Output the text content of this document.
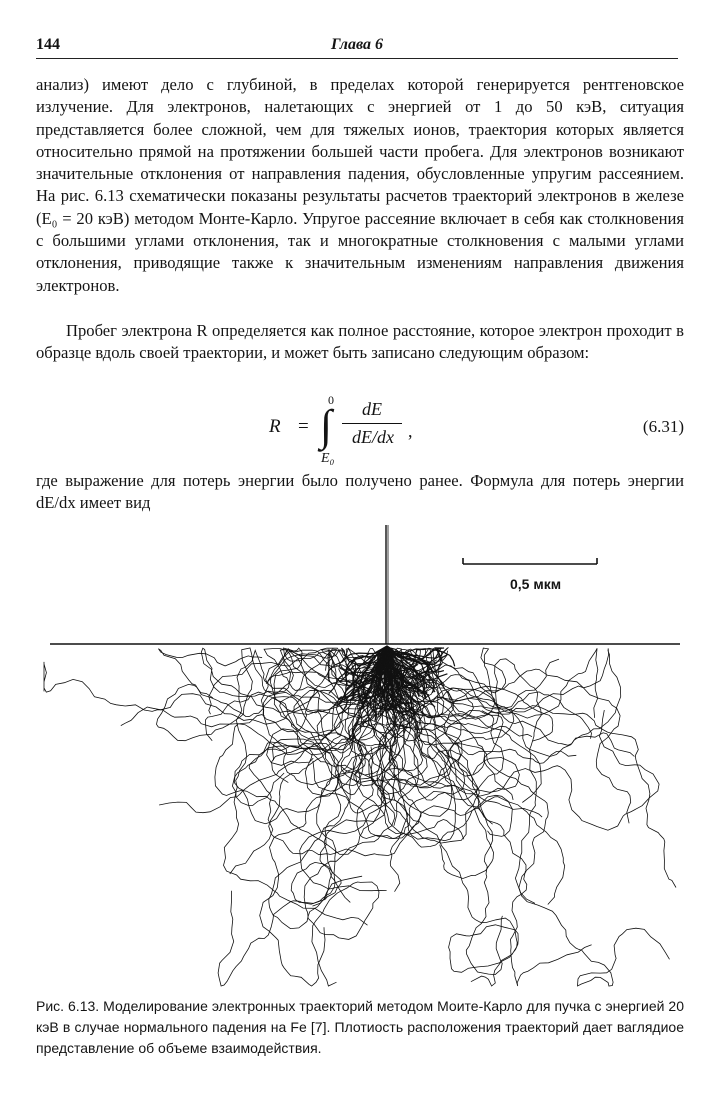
144	Глава 6
анализ) имеют дело с глубиной, в пределах которой генерируется рентгеновское излучение. Для электронов, налетающих с энергией от 1 до 50 кэВ, ситуация представляется более сложной, чем для тяжелых ионов, траектория которых является относительно прямой на протяжении большей части пробега. Для электронов возникают значительные отклонения от направления падения, обусловленные упругим рассеянием. На рис. 6.13 схематически показаны результаты расчетов траекторий электронов в железе (E₀ = 20 кэВ) методом Монте-Карло. Упругое рассеяние включает в себя как столкновения с большими углами отклонения, так и многократные столкновения с малыми углами отклонения, приводящие также к значительным изменениям направления движения электронов.
Пробег электрона R определяется как полное расстояние, которое электрон проходит в образце вдоль своей траектории, и может быть записано следующим образом:
R = ∫
0
E₀
dE
dE/dx ,	(6.31)
где выражение для потерь энергии было получено ранее. Формула для потерь энергии dE/dx имеет вид
0,5 мкм
Рис. 6.13. Моделирование электронных траекторий методом Моите-Карло для пучка с энергией 20 кэВ в случае нормального падения на Fe [7]. Плотиость расположения траекторий дает ваглядиое представление об объеме взаимодействия.
